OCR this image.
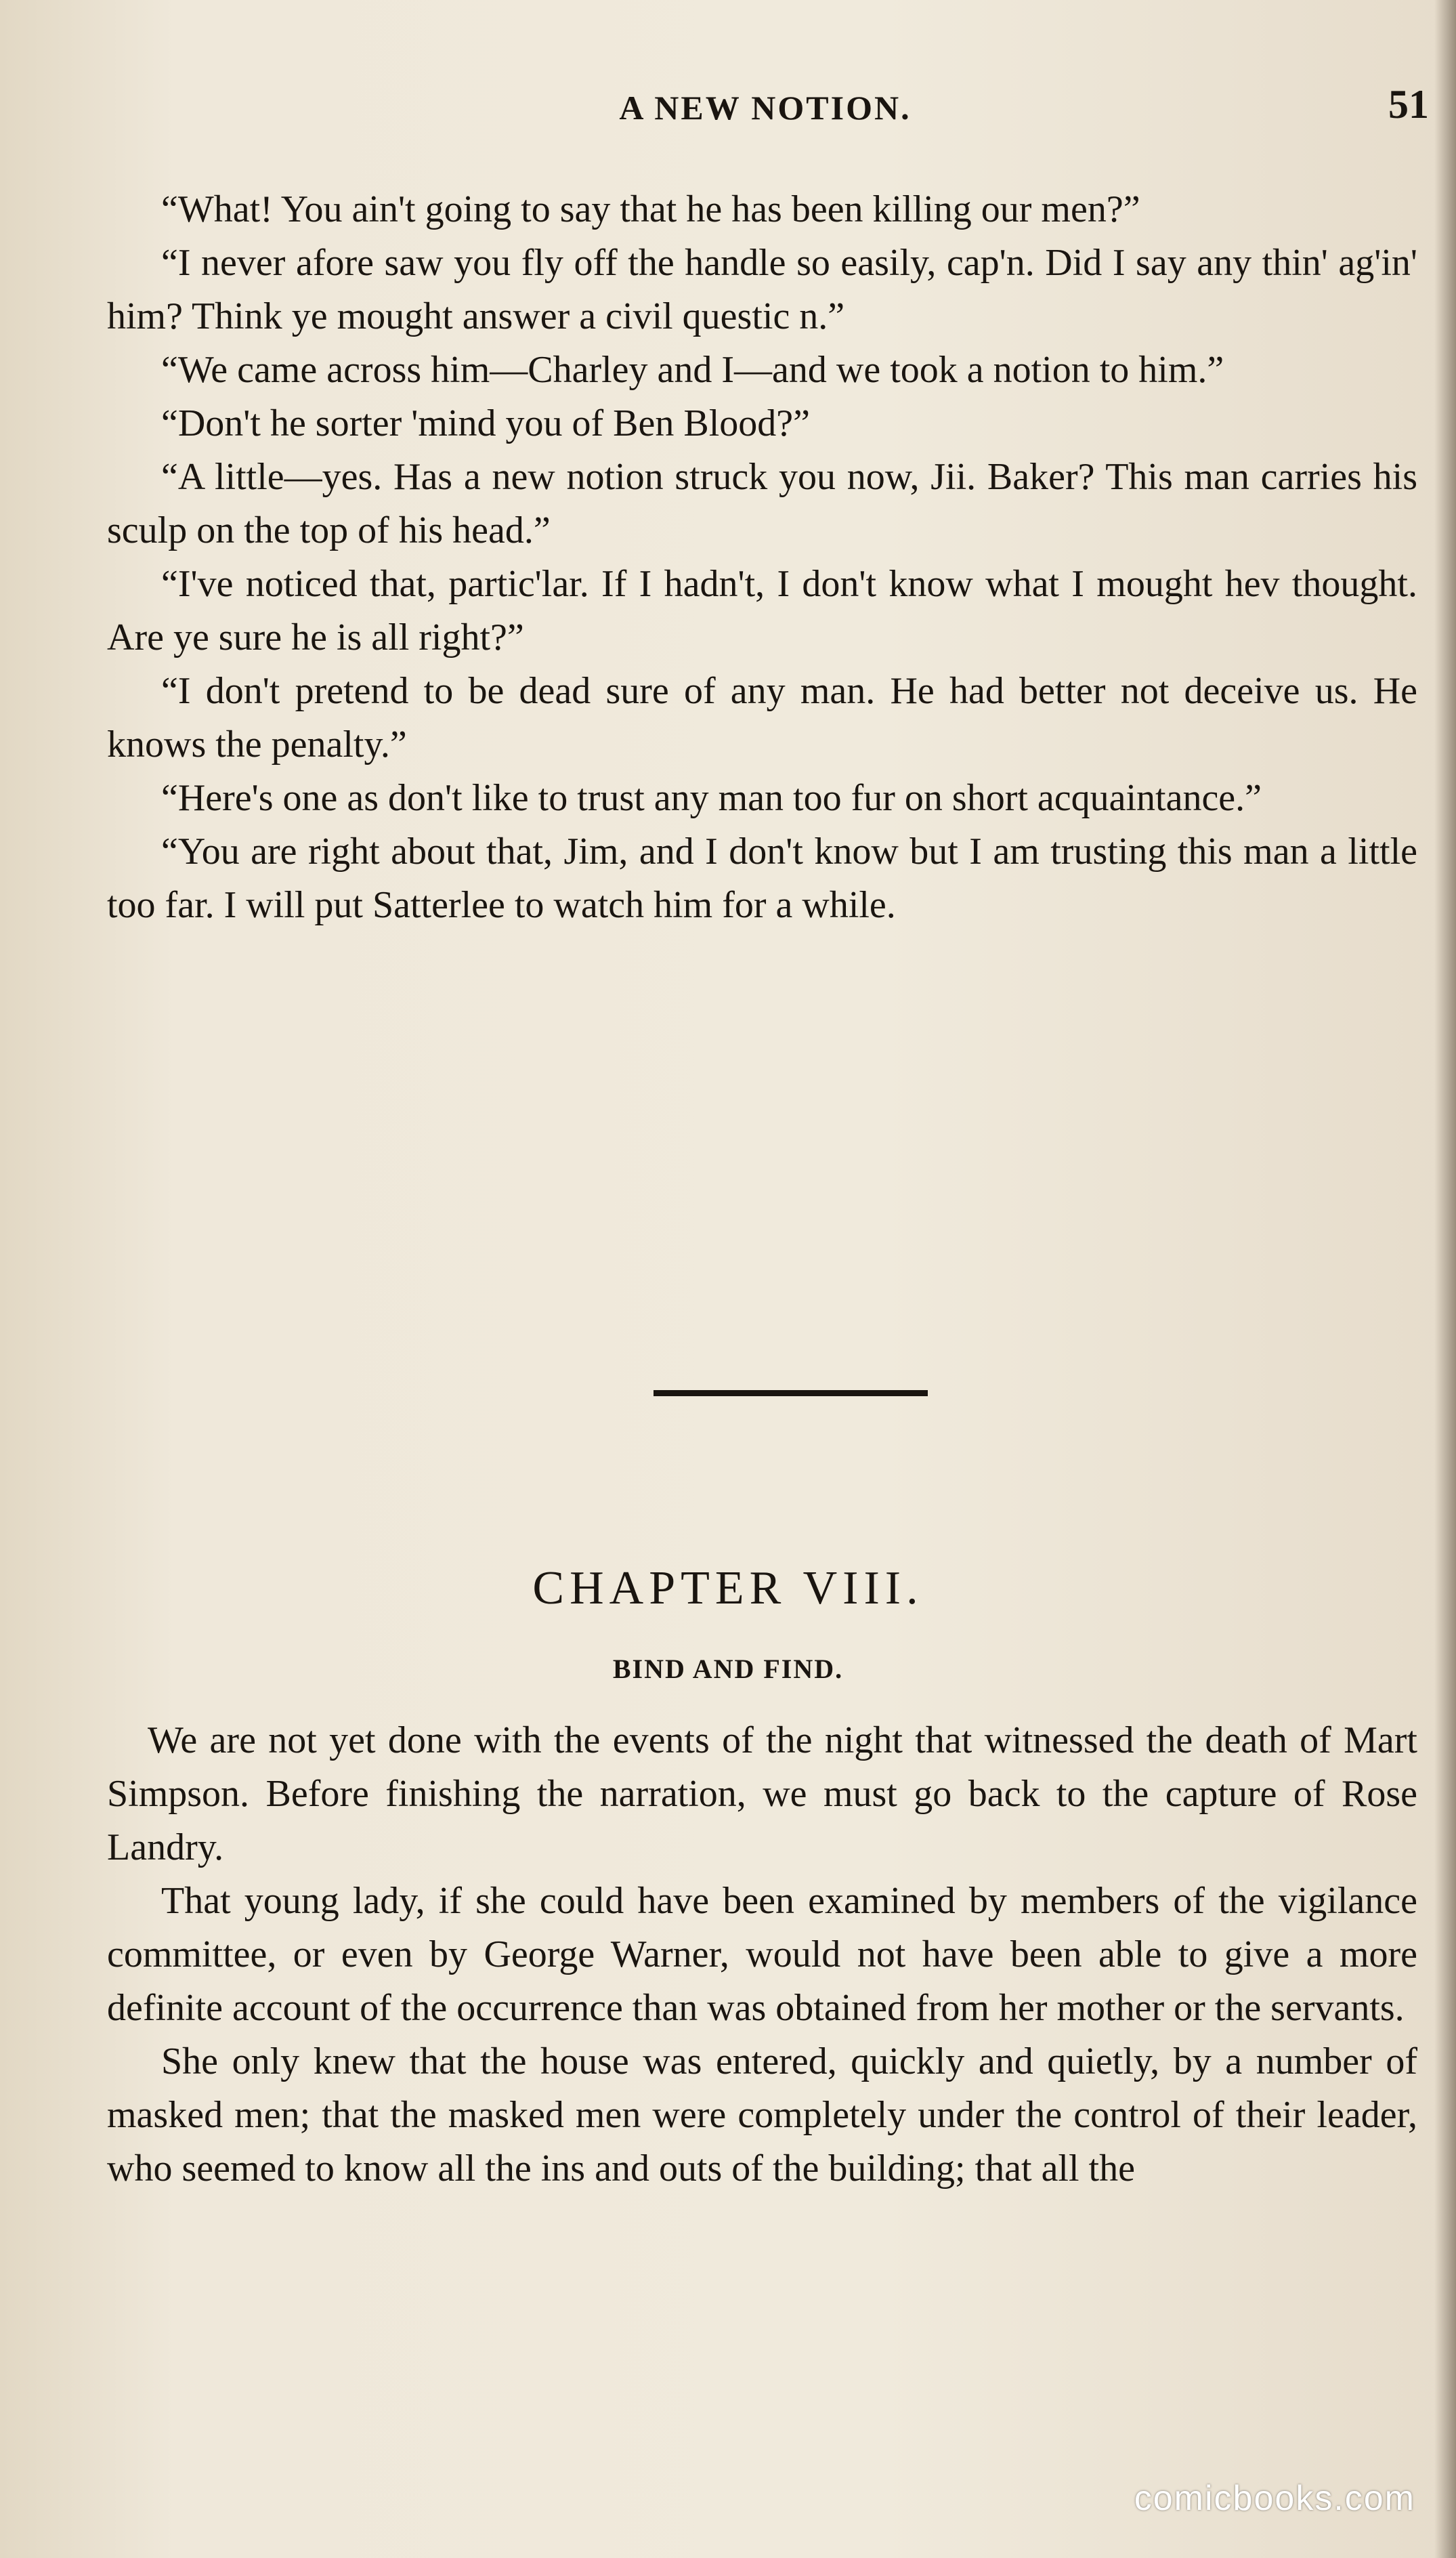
A NEW NOTION.	51

“What! You ain't going to say that he has been killing our men?”

“I never afore saw you fly off the handle so easily, cap'n. Did I say any thin' ag'in' him? Think ye mought answer a civil questic n.”

“We came across him—Charley and I—and we took a notion to him.”

“Don't he sorter 'mind you of Ben Blood?”

“A little—yes. Has a new notion struck you now, Jii. Baker? This man carries his sculp on the top of his head.”

“I've noticed that, partic'lar. If I hadn't, I don't know what I mought hev thought. Are ye sure he is all right?”

“I don't pretend to be dead sure of any man. He had better not deceive us. He knows the penalty.”

“Here's one as don't like to trust any man too fur on short acquaintance.”

“You are right about that, Jim, and I don't know but I am trusting this man a little too far. I will put Satterlee to watch him for a while.

CHAPTER VIII.
BIND AND FIND.

We are not yet done with the events of the night that witnessed the death of Mart Simpson. Before finishing the narration, we must go back to the capture of Rose Landry.

That young lady, if she could have been examined by members of the vigilance committee, or even by George Warner, would not have been able to give a more definite account of the occurrence than was obtained from her mother or the servants.

She only knew that the house was entered, quickly and quietly, by a number of masked men; that the masked men were completely under the control of their leader, who seemed to know all the ins and outs of the building; that all the

comicbooks.com
